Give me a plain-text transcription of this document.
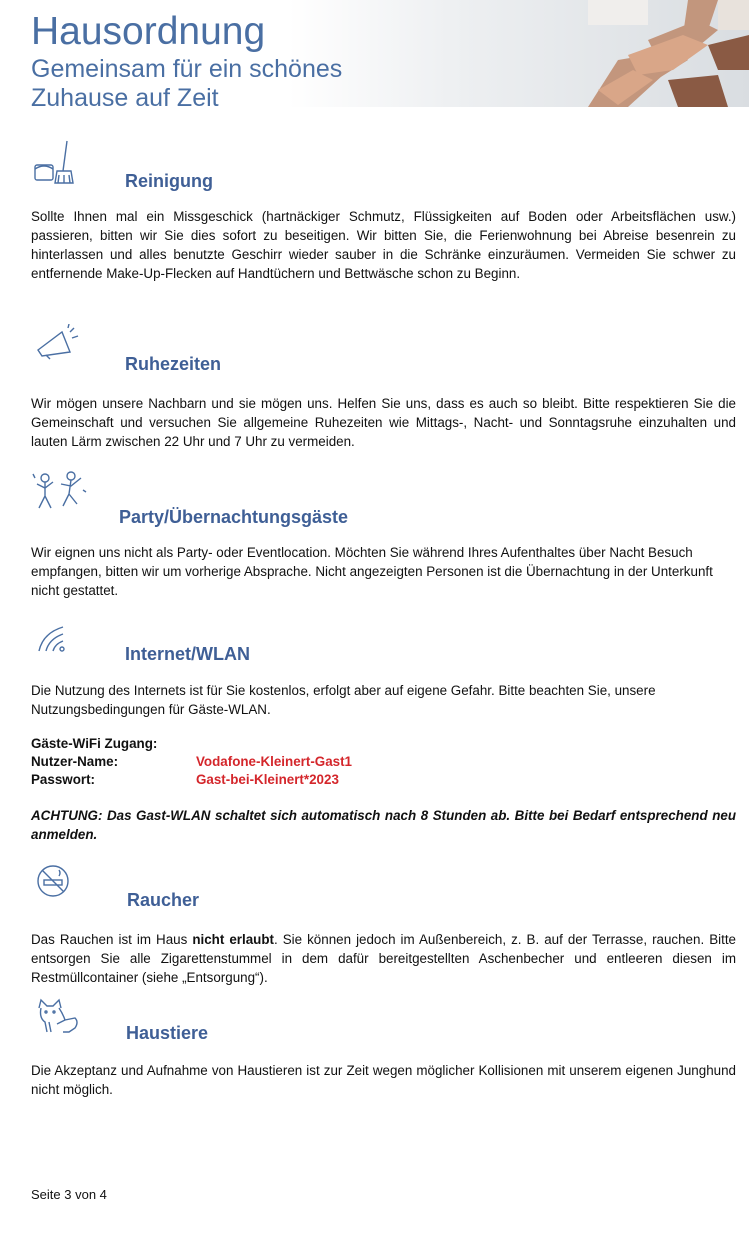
Hausordnung

Gemeinsam für ein schönes Zuhause auf Zeit

Reinigung

Sollte Ihnen mal ein Missgeschick (hartnäckiger Schmutz, Flüssigkeiten auf Boden oder Arbeitsflächen usw.) passieren, bitten wir Sie dies sofort zu beseitigen. Wir bitten Sie, die Ferienwohnung bei Abreise besenrein zu hinterlassen und alles benutzte Geschirr wieder sauber in die Schränke einzuräumen. Vermeiden Sie schwer zu entfernende Make-Up-Flecken auf Handtüchern und Bettwäsche schon zu Beginn.

Ruhezeiten

Wir mögen unsere Nachbarn und sie mögen uns. Helfen Sie uns, dass es auch so bleibt. Bitte respektieren Sie die Gemeinschaft und versuchen Sie allgemeine Ruhezeiten wie Mittags-, Nacht- und Sonntagsruhe einzuhalten und lauten Lärm zwischen 22 Uhr und 7 Uhr zu vermeiden.

Party/Übernachtungsgäste

Wir eignen uns nicht als Party- oder Eventlocation. Möchten Sie während Ihres Aufenthaltes über Nacht Besuch empfangen, bitten wir um vorherige Absprache. Nicht angezeigten Personen ist die Übernachtung in der Unterkunft nicht gestattet.

Internet/WLAN

Die Nutzung des Internets ist für Sie kostenlos, erfolgt aber auf eigene Gefahr. Bitte beachten Sie, unsere Nutzungsbedingungen für Gäste-WLAN.

Gäste-WiFi Zugang:
Nutzer-Name:	Vodafone-Kleinert-Gast1
Passwort:	Gast-bei-Kleinert*2023

ACHTUNG: Das Gast-WLAN schaltet sich automatisch nach 8 Stunden ab. Bitte bei Bedarf entsprechend neu anmelden.

Raucher

Das Rauchen ist im Haus nicht erlaubt. Sie können jedoch im Außenbereich, z. B. auf der Terrasse, rauchen. Bitte entsorgen Sie alle Zigarettenstummel in dem dafür bereitgestellten Aschenbecher und entleeren diesen im Restmüllcontainer (siehe „Entsorgung“).

Haustiere

Die Akzeptanz und Aufnahme von Haustieren ist zur Zeit wegen möglicher Kollisionen mit unserem eigenen Junghund nicht möglich.

Seite 3 von 4
